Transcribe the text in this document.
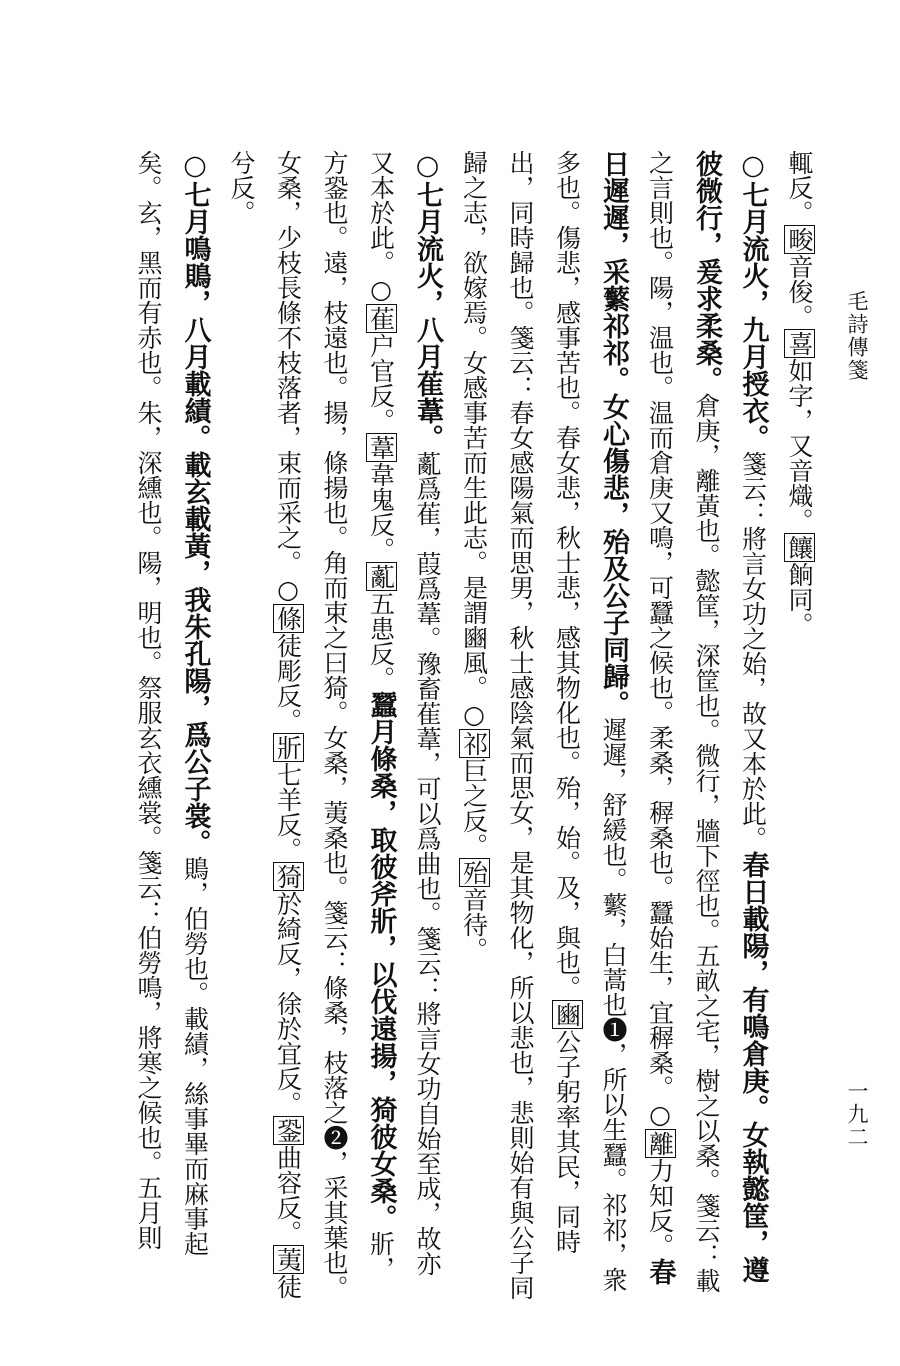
毛詩傳箋
一九二
輒反。畯音俊。喜如字，又音熾。饟餉同。
○七月流火，九月授衣。箋云：將言女功之始，故又本於此。春日載陽，有鳴倉庚。女執懿筐，遵彼微行，爰求柔桑。倉庚，離黃也。懿筐，深筐也。微行，牆下徑也。五畝之宅，樹之以桑。箋云：載之言則也。陽，温也。温而倉庚又鳴，可蠶之候也。柔桑，稺桑也。蠶始生，宜稺桑。○離力知反。春日遲遲，采蘩祁祁。女心傷悲，殆及公子同歸。遲遲，舒緩也。蘩，白蒿也❶，所以生蠶。祁祁，衆多也。傷悲，感事苦也。春女悲，秋士悲，感其物化也。殆，始。及，與也。豳公子躬率其民，同時出，同時歸也。箋云：春女感陽氣而思男，秋士感陰氣而思女，是其物化，所以悲也，悲則始有與公子同歸之志，欲嫁焉。女感事苦而生此志。是謂豳風。○祁巨之反。殆音待。
○七月流火，八月萑葦。薍爲萑，葭爲葦。豫畜萑葦，可以爲曲也。箋云：將言女功自始至成，故亦又本於此。○萑户官反。葦韋鬼反。薍五患反。蠶月條桑，取彼斧斨，以伐遠揚，猗彼女桑。斨，方銎也。遠，枝遠也。揚，條揚也。角而束之曰猗。女桑，荑桑也。箋云：條桑，枝落之❷，采其葉也。女桑，少枝長條不枝落者，束而采之。○條徒彫反。斨七羊反。猗於綺反，徐於宜反。銎曲容反。荑徒兮反。
○七月鳴鵙，八月載績。載玄載黃，我朱孔陽，爲公子裳。鵙，伯勞也。載績，絲事畢而麻事起矣。玄，黑而有赤也。朱，深纁也。陽，明也。祭服玄衣纁裳。箋云：伯勞鳴，將寒之候也。五月則
